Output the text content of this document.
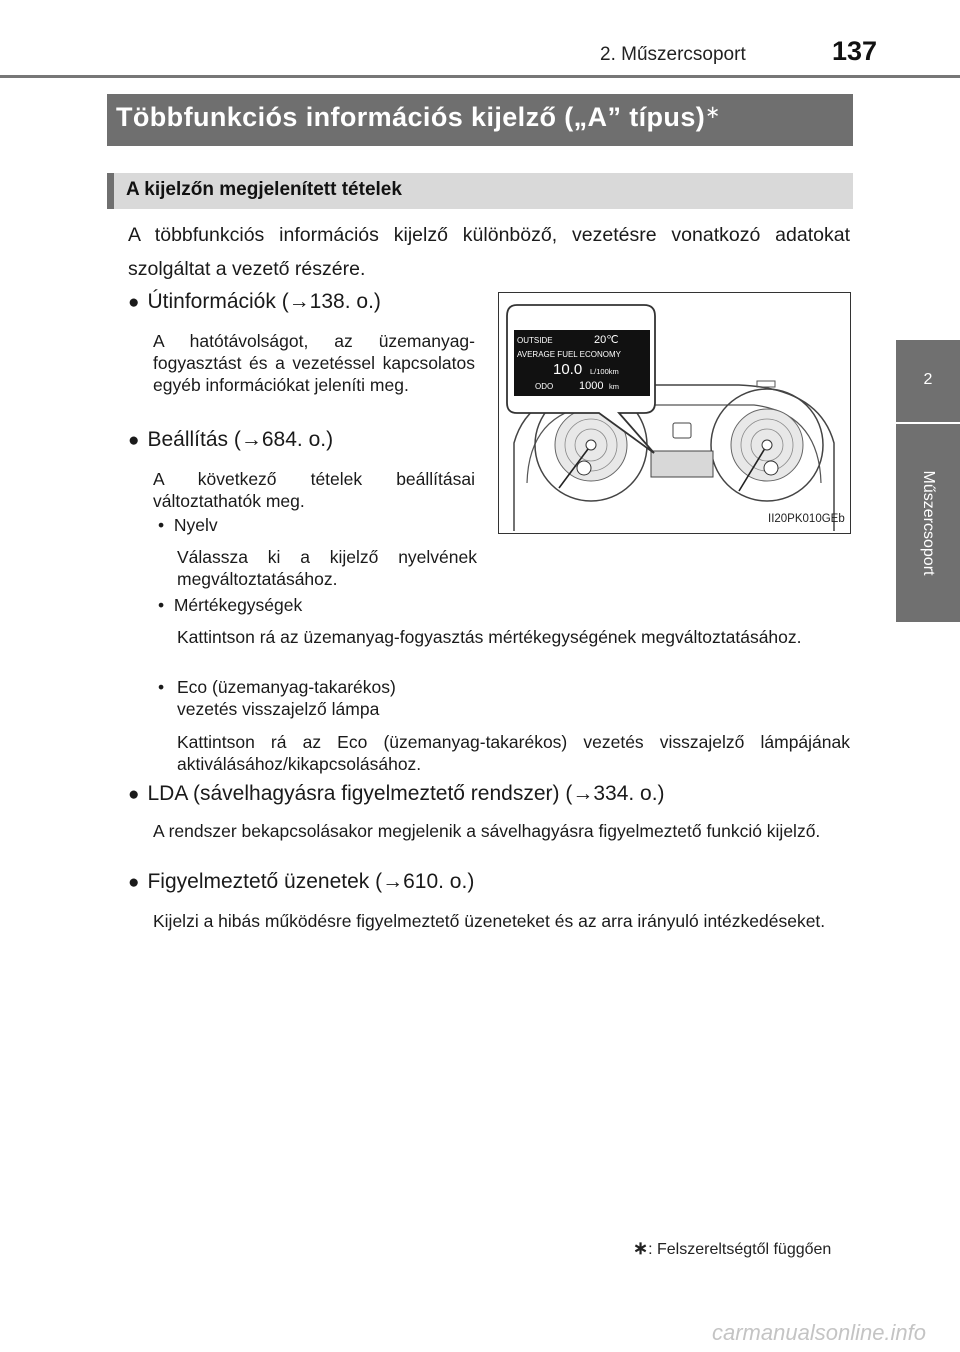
2. Műszercsoport	137
2
Műszercsoport
Többfunkciós információs kijelző („A” típus)∗
A kijelzőn megjelenített tételek
A többfunkciós információs kijelző különböző, vezetésre vonatkozó adatokat szolgáltat a vezető részére.
● Útinformációk (→138. o.)
A hatótávolságot, az üzemanyag-fogyasztást és a vezetéssel kapcsolatos egyéb információkat jeleníti meg.
● Beállítás (→684. o.)
A következő tételek beállításai változtathatók meg.
•  Nyelv
Válassza ki a kijelző nyelvének megváltoztatásához.
•  Mértékegységek
Kattintson rá az üzemanyag-fogyasztás mértékegységének megváltoztatásához.
• Eco (üzemanyag-takarékos) vezetés visszajelző lámpa
Kattintson rá az Eco (üzemanyag-takarékos) vezetés visszajelző lámpájának aktiválásához/kikapcsolásához.
● LDA (sávelhagyásra figyelmeztető rendszer) (→334. o.)
A rendszer bekapcsolásakor megjelenik a sávelhagyásra figyelmeztető funkció kijelző.
● Figyelmeztető üzenetek (→610. o.)
Kijelzi a hibás működésre figyelmeztető üzeneteket és az arra irányuló intézkedéseket.
OUTSIDE	20℃
AVERAGE FUEL ECONOMY
10.0 L/100km
ODO 1000 km
II20PK010GEb
∗: Felszereltségtől függően
carmanualsonline.info
